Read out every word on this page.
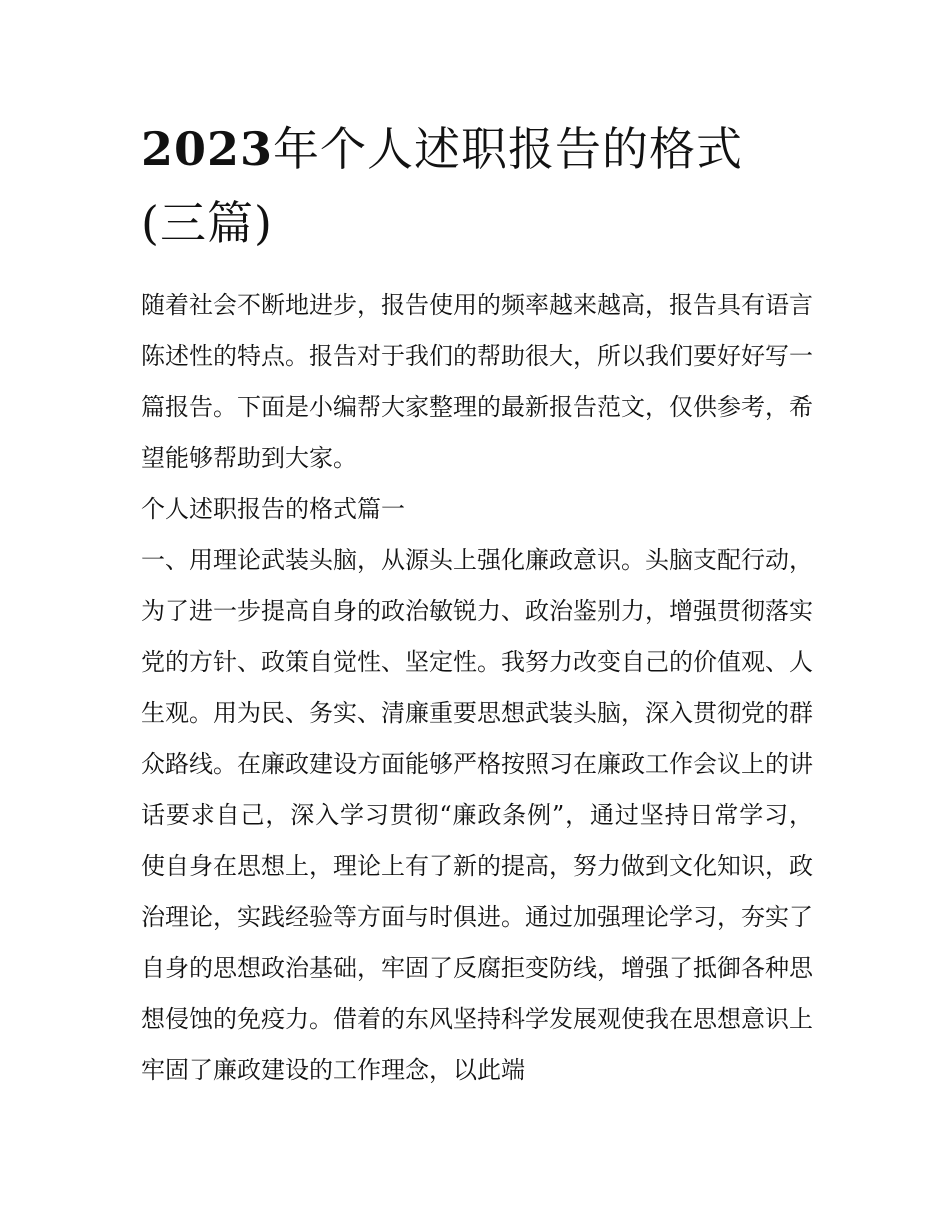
2023年个人述职报告的格式
(三篇)

随着社会不断地进步，报告使用的频率越来越高，报告具有语言陈述性的特点。报告对于我们的帮助很大，所以我们要好好写一篇报告。下面是小编帮大家整理的最新报告范文，仅供参考，希望能够帮助到大家。

个人述职报告的格式篇一

一、用理论武装头脑，从源头上强化廉政意识。头脑支配行动，为了进一步提高自身的政治敏锐力、政治鉴别力，增强贯彻落实党的方针、政策自觉性、坚定性。我努力改变自己的价值观、人生观。用为民、务实、清廉重要思想武装头脑，深入贯彻党的群众路线。在廉政建设方面能够严格按照习在廉政工作会议上的讲话要求自己，深入学习贯彻“廉政条例”，通过坚持日常学习，使自身在思想上，理论上有了新的提高，努力做到文化知识，政治理论，实践经验等方面与时俱进。通过加强理论学习，夯实了自身的思想政治基础，牢固了反腐拒变防线，增强了抵御各种思想侵蚀的免疫力。借着的东风坚持科学发展观使我在思想意识上牢固了廉政建设的工作理念，以此端
